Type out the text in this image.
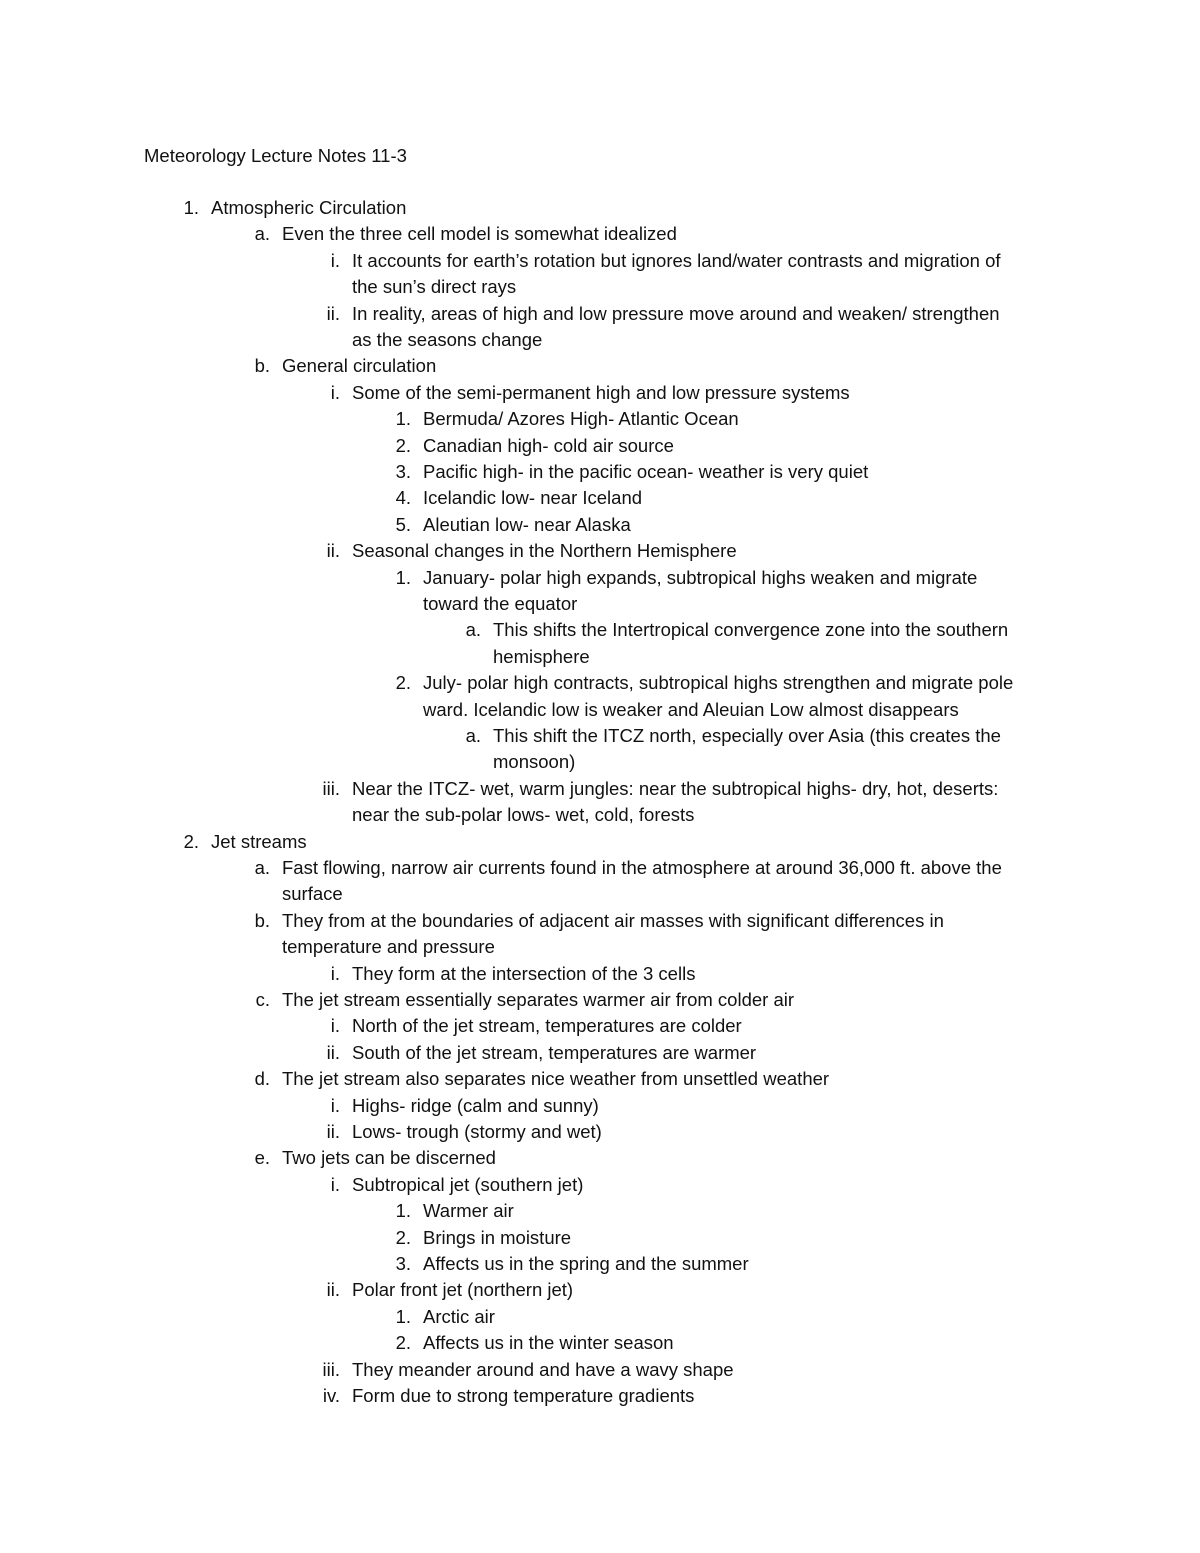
Meteorology Lecture Notes 11-3
1. Atmospheric Circulation
a. Even the three cell model is somewhat idealized
i. It accounts for earth’s rotation but ignores land/water contrasts and migration of
the sun’s direct rays
ii. In reality, areas of high and low pressure move around and weaken/ strengthen
as the seasons change
b. General circulation
i. Some of the semi-permanent high and low pressure systems
1. Bermuda/ Azores High- Atlantic Ocean
2. Canadian high- cold air source
3. Pacific high- in the pacific ocean- weather is very quiet
4. Icelandic low- near Iceland
5. Aleutian low- near Alaska
ii. Seasonal changes in the Northern Hemisphere
1. January- polar high expands, subtropical highs weaken and migrate
toward the equator
a. This shifts the Intertropical convergence zone into the southern
hemisphere
2. July- polar high contracts, subtropical highs strengthen and migrate pole
ward. Icelandic low is weaker and Aleuian Low almost disappears
a. This shift the ITCZ north, especially over Asia (this creates the
monsoon)
iii. Near the ITCZ- wet, warm jungles: near the subtropical highs- dry, hot, deserts:
near the sub-polar lows- wet, cold, forests
2. Jet streams
a. Fast flowing, narrow air currents found in the atmosphere at around 36,000 ft. above the
surface
b. They from at the boundaries of adjacent air masses with significant differences in
temperature and pressure
i. They form at the intersection of the 3 cells
c. The jet stream essentially separates warmer air from colder air
i. North of the jet stream, temperatures are colder
ii. South of the jet stream, temperatures are warmer
d. The jet stream also separates nice weather from unsettled weather
i. Highs- ridge (calm and sunny)
ii. Lows- trough (stormy and wet)
e. Two jets can be discerned
i. Subtropical jet (southern jet)
1. Warmer air
2. Brings in moisture
3. Affects us in the spring and the summer
ii. Polar front jet (northern jet)
1. Arctic air
2. Affects us in the winter season
iii. They meander around and have a wavy shape
iv. Form due to strong temperature gradients
